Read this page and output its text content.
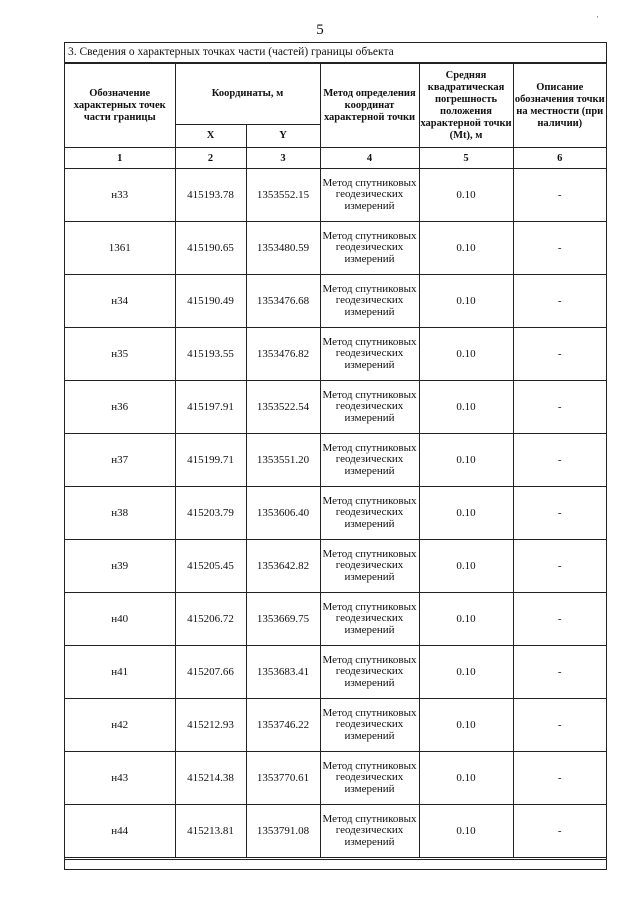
5
·
3. Сведения о характерных точках части (частей) границы объекта
Обозначение характерных точек части границы	Координаты, м		Метод определения координат характерной точки	Средняя квадратическая погрешность положения характерной точки (Mt), м	Описание обозначения точки на местности (при наличии)
	X	Y			
1	2	3	4	5	6
н33	415193.78	1353552.15	Метод спутниковых геодезических измерений	0.10	-
1361	415190.65	1353480.59	Метод спутниковых геодезических измерений	0.10	-
н34	415190.49	1353476.68	Метод спутниковых геодезических измерений	0.10	-
н35	415193.55	1353476.82	Метод спутниковых геодезических измерений	0.10	-
н36	415197.91	1353522.54	Метод спутниковых геодезических измерений	0.10	-
н37	415199.71	1353551.20	Метод спутниковых геодезических измерений	0.10	-
н38	415203.79	1353606.40	Метод спутниковых геодезических измерений	0.10	-
н39	415205.45	1353642.82	Метод спутниковых геодезических измерений	0.10	-
н40	415206.72	1353669.75	Метод спутниковых геодезических измерений	0.10	-
н41	415207.66	1353683.41	Метод спутниковых геодезических измерений	0.10	-
н42	415212.93	1353746.22	Метод спутниковых геодезических измерений	0.10	-
н43	415214.38	1353770.61	Метод спутниковых геодезических измерений	0.10	-
н44	415213.81	1353791.08	Метод спутниковых геодезических измерений	0.10	-
